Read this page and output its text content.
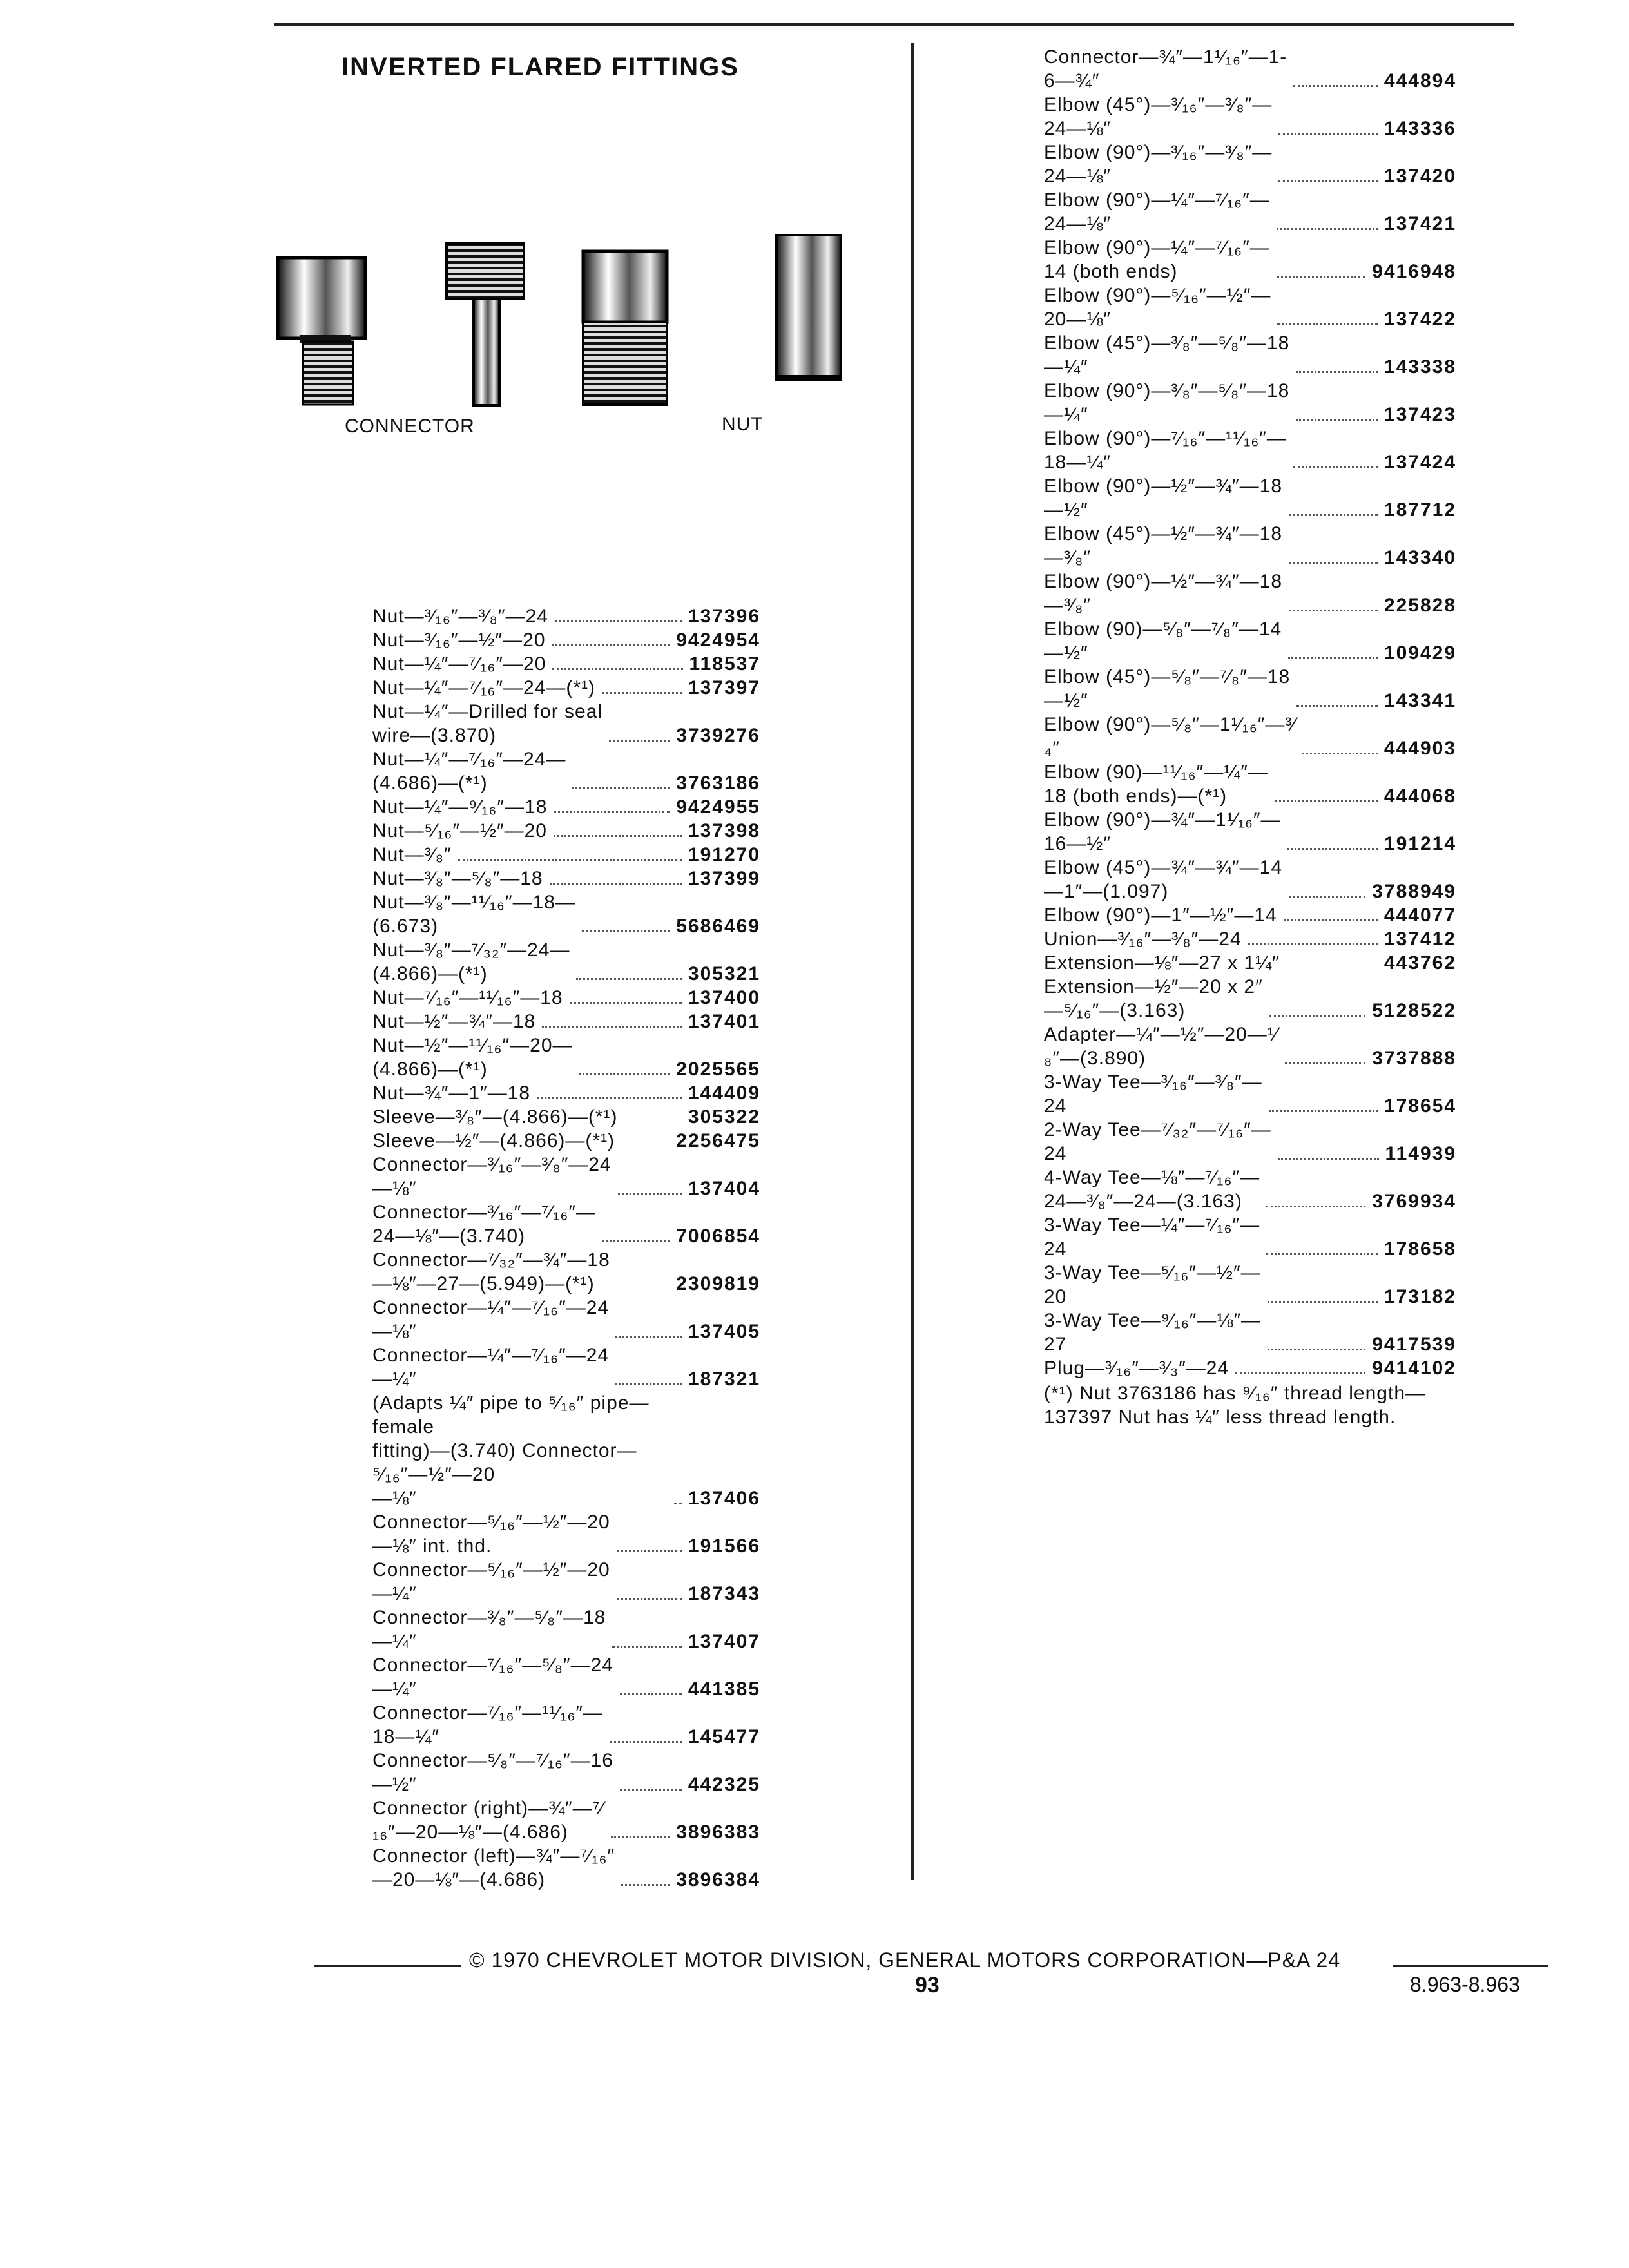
INVERTED FLARED FITTINGS
CONNECTOR	NUT
Nut—³⁄₁₆″—³⁄₈″—24	137396
Nut—³⁄₁₆″—½″—20	9424954
Nut—¼″—⁷⁄₁₆″—20	118537
Nut—¼″—⁷⁄₁₆″—24—(*¹)	137397
Nut—¼″—Drilled for seal
wire—(3.870)	3739276
Nut—¼″—⁷⁄₁₆″—24—
(4.686)—(*¹)	3763186
Nut—¼″—⁹⁄₁₆″—18	9424955
Nut—⁵⁄₁₆″—½″—20	137398
Nut—³⁄₈″	191270
Nut—³⁄₈″—⁵⁄₈″—18	137399
Nut—³⁄₈″—¹¹⁄₁₆″—18—
(6.673)	5686469
Nut—³⁄₈″—⁷⁄₃₂″—24—
(4.866)—(*¹)	305321
Nut—⁷⁄₁₆″—¹¹⁄₁₆″—18	137400
Nut—½″—¾″—18	137401
Nut—½″—¹¹⁄₁₆″—20—
(4.866)—(*¹)	2025565
Nut—¾″—1″—18	144409
Sleeve—³⁄₈″—(4.866)—(*¹)	305322
Sleeve—½″—(4.866)—(*¹)	2256475
Connector—³⁄₁₆″—³⁄₈″—24
—⅛″	137404
Connector—³⁄₁₆″—⁷⁄₁₆″—
24—⅛″—(3.740)	7006854
Connector—⁷⁄₃₂″—¾″—18
—⅛″—27—(5.949)—(*¹)	2309819
Connector—¼″—⁷⁄₁₆″—24
—⅛″	137405
Connector—¼″—⁷⁄₁₆″—24
—¼″	187321
(Adapts ¼″ pipe to ⁵⁄₁₆″ pipe—female
fitting)—(3.740) Connector—⁵⁄₁₆″—½″—20
—⅛″	137406
Connector—⁵⁄₁₆″—½″—20
—⅛″ int. thd.	191566
Connector—⁵⁄₁₆″—½″—20
—¼″	187343
Connector—³⁄₈″—⁵⁄₈″—18
—¼″	137407
Connector—⁷⁄₁₆″—⁵⁄₈″—24
—¼″	441385
Connector—⁷⁄₁₆″—¹¹⁄₁₆″—
18—¼″	145477
Connector—⁵⁄₈″—⁷⁄₁₆″—16
—½″	442325
Connector (right)—¾″—⁷⁄
₁₆″—20—⅛″—(4.686)	3896383
Connector (left)—¾″—⁷⁄₁₆″
—20—⅛″—(4.686)	3896384
Connector—¾″—1¹⁄₁₆″—1-
6—¾″	444894
Elbow (45°)—³⁄₁₆″—³⁄₈″—
24—⅛″	143336
Elbow (90°)—³⁄₁₆″—³⁄₈″—
24—⅛″	137420
Elbow (90°)—¼″—⁷⁄₁₆″—
24—⅛″	137421
Elbow (90°)—¼″—⁷⁄₁₆″—
14 (both ends)	9416948
Elbow (90°)—⁵⁄₁₆″—½″—
20—⅛″	137422
Elbow (45°)—³⁄₈″—⁵⁄₈″—18
—¼″	143338
Elbow (90°)—³⁄₈″—⁵⁄₈″—18
—¼″	137423
Elbow (90°)—⁷⁄₁₆″—¹¹⁄₁₆″—
18—¼″	137424
Elbow (90°)—½″—¾″—18
—½″	187712
Elbow (45°)—½″—¾″—18
—³⁄₈″	143340
Elbow (90°)—½″—¾″—18
—³⁄₈″	225828
Elbow (90)—⁵⁄₈″—⁷⁄₈″—14
—½″	109429
Elbow (45°)—⁵⁄₈″—⁷⁄₈″—18
—½″	143341
Elbow (90°)—⁵⁄₈″—1¹⁄₁₆″—³⁄
₄″	444903
Elbow (90)—¹¹⁄₁₆″—¼″—
18 (both ends)—(*¹)	444068
Elbow (90°)—¾″—1¹⁄₁₆″—
16—½″	191214
Elbow (45°)—¾″—¾″—14
—1″—(1.097)	3788949
Elbow (90°)—1″—½″—14	444077
Union—³⁄₁₆″—³⁄₈″—24	137412
Extension—⅛″—27 x 1¼″	443762
Extension—½″—20 x 2″
—⁵⁄₁₆″—(3.163)	5128522
Adapter—¼″—½″—20—¹⁄
₈″—(3.890)	3737888
3-Way Tee—³⁄₁₆″—³⁄₈″—
24	178654
2-Way Tee—⁷⁄₃₂″—⁷⁄₁₆″—
24	114939
4-Way Tee—⅛″—⁷⁄₁₆″—
24—³⁄₈″—24—(3.163)	3769934
3-Way Tee—¼″—⁷⁄₁₆″—
24	178658
3-Way Tee—⁵⁄₁₆″—½″—
20	173182
3-Way Tee—⁹⁄₁₆″—⅛″—
27	9417539
Plug—³⁄₁₆″—³⁄₃″—24	9414102
(*¹) Nut 3763186 has ⁹⁄₁₆″ thread length—137397 Nut has ¼″ less thread length.
© 1970 CHEVROLET MOTOR DIVISION, GENERAL MOTORS CORPORATION—P&A 24
93	8.963-8.963
